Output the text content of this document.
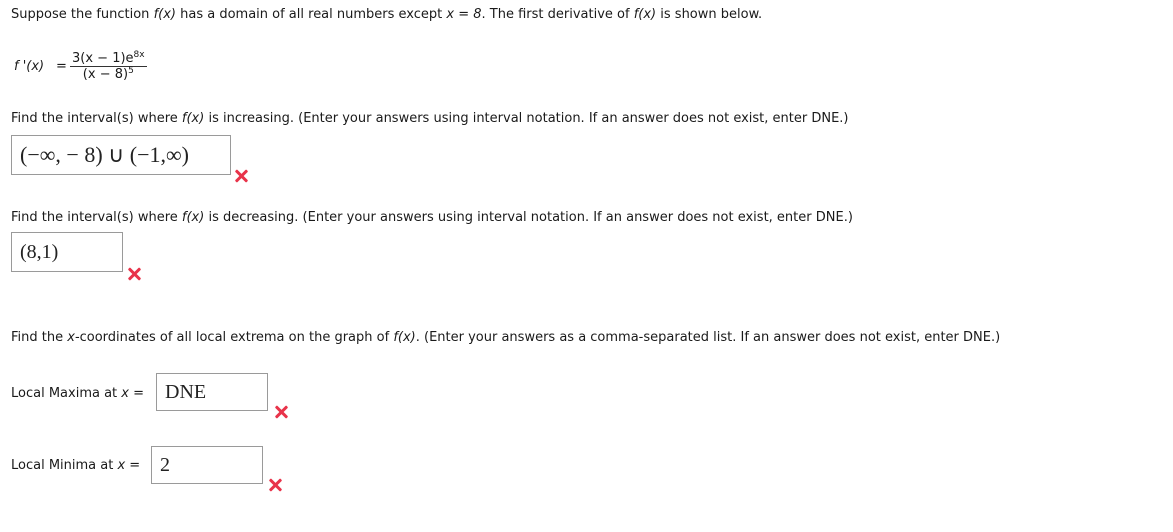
Suppose the function f(x) has a domain of all real numbers except x = 8. The first derivative of f(x) is shown below.
f '$(x) = \frac{3(x - 1)e^{8x}}{(x - 8)^5}$
Find the interval(s) where f(x) is increasing. (Enter your answers using interval notation. If an answer does not exist, enter DNE.)
(−∞, − 8) ∪ (−1,∞)
Find the interval(s) where f(x) is decreasing. (Enter your answers using interval notation. If an answer does not exist, enter DNE.)
(8,1)
Find the x-coordinates of all local extrema on the graph of f(x). (Enter your answers as a comma-separated list. If an answer does not exist, enter DNE.)
Local Maxima at x = DNE
Local Minima at x = 2
